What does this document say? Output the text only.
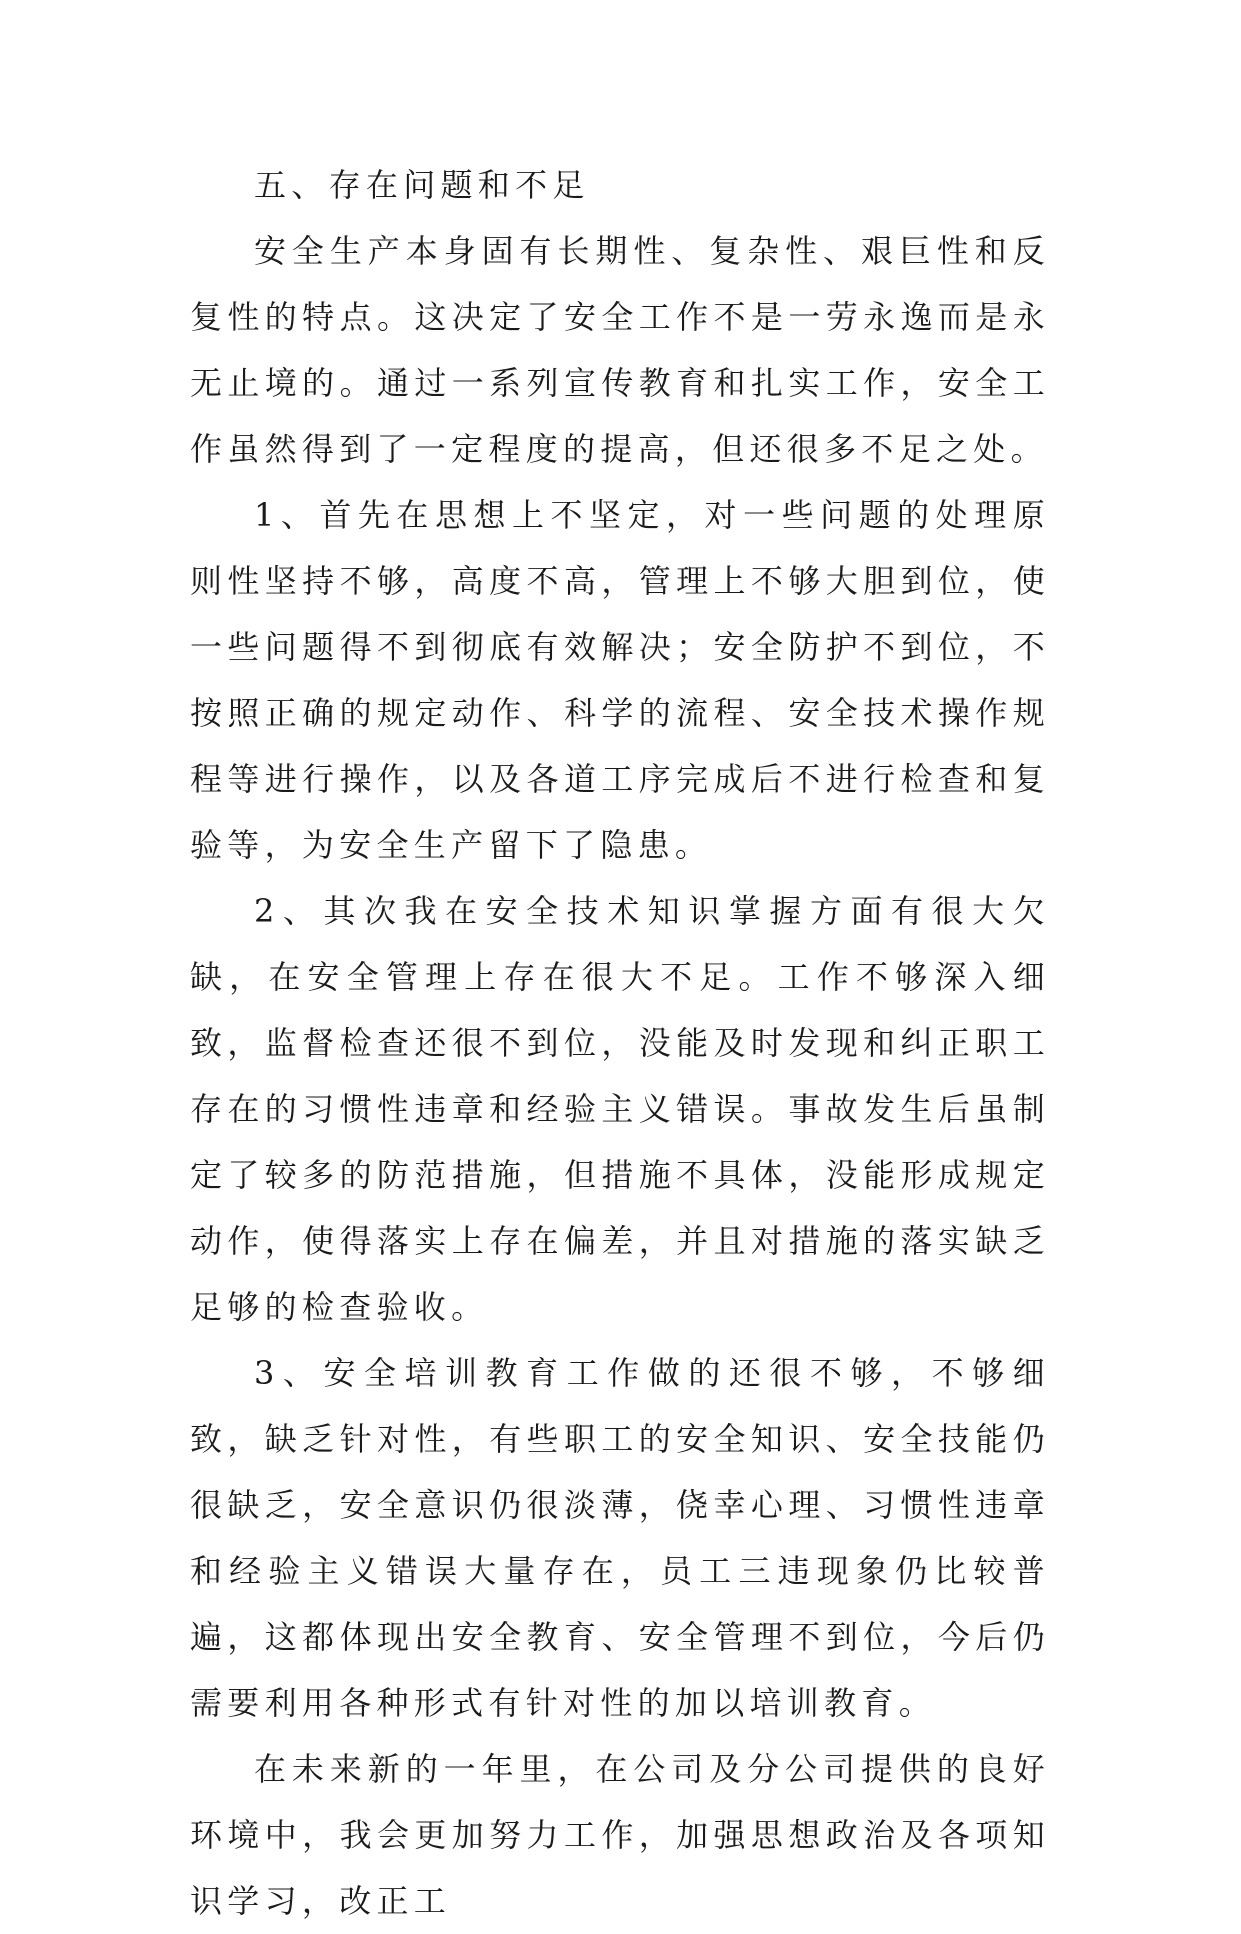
五、存在问题和不足

安全生产本身固有长期性、复杂性、艰巨性和反复性的特点。这决定了安全工作不是一劳永逸而是永无止境的。通过一系列宣传教育和扎实工作，安全工作虽然得到了一定程度的提高，但还很多不足之处。

1、首先在思想上不坚定，对一些问题的处理原则性坚持不够，高度不高，管理上不够大胆到位，使一些问题得不到彻底有效解决；安全防护不到位，不按照正确的规定动作、科学的流程、安全技术操作规程等进行操作，以及各道工序完成后不进行检查和复验等，为安全生产留下了隐患。

2、其次我在安全技术知识掌握方面有很大欠缺，在安全管理上存在很大不足。工作不够深入细致，监督检查还很不到位，没能及时发现和纠正职工存在的习惯性违章和经验主义错误。事故发生后虽制定了较多的防范措施，但措施不具体，没能形成规定动作，使得落实上存在偏差，并且对措施的落实缺乏足够的检查验收。

3、安全培训教育工作做的还很不够，不够细致，缺乏针对性，有些职工的安全知识、安全技能仍很缺乏，安全意识仍很淡薄，侥幸心理、习惯性违章和经验主义错误大量存在，员工三违现象仍比较普遍，这都体现出安全教育、安全管理不到位，今后仍需要利用各种形式有针对性的加以培训教育。

在未来新的一年里，在公司及分公司提供的良好环境中，我会更加努力工作，加强思想政治及各项知识学习，改正工
